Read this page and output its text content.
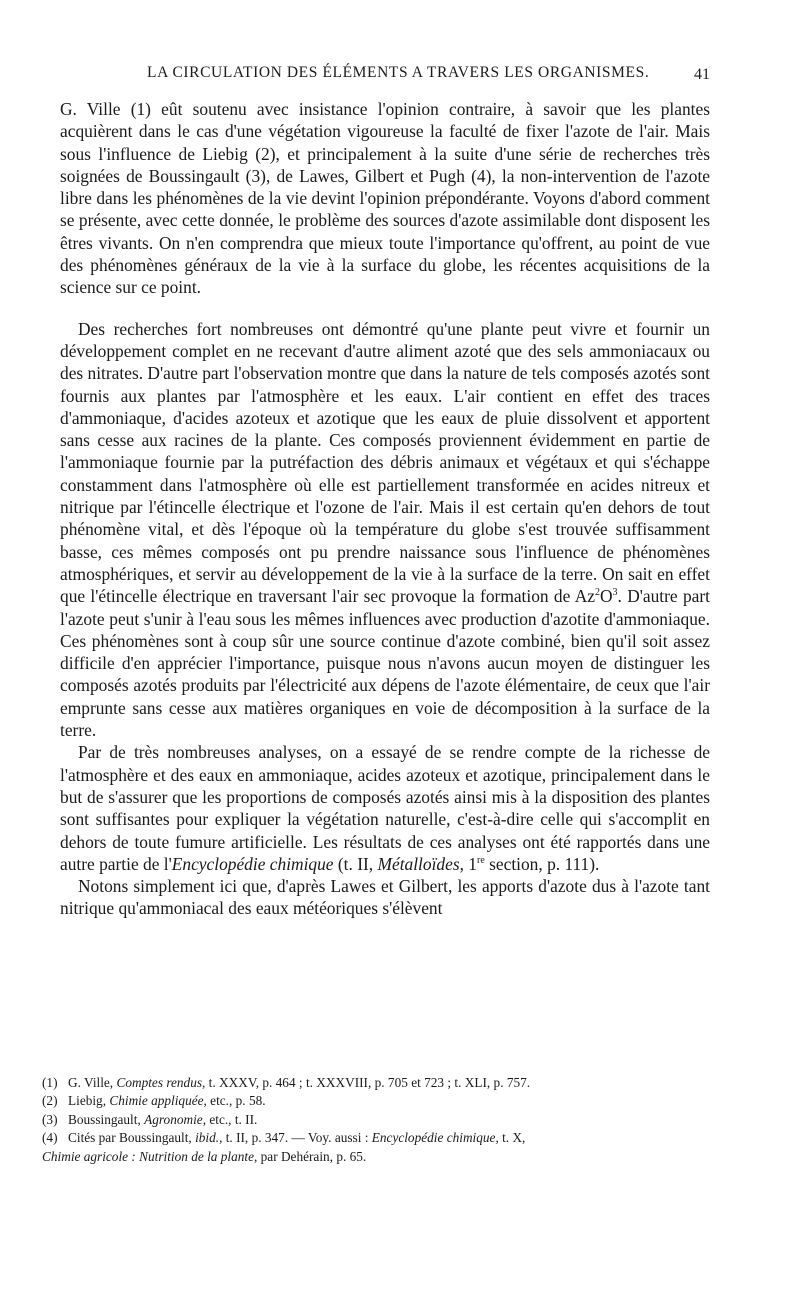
LA CIRCULATION DES ÉLÉMENTS A TRAVERS LES ORGANISMES.	41

G. Ville (1) eût soutenu avec insistance l'opinion contraire, à savoir que les plantes acquièrent dans le cas d'une végétation vigoureuse la faculté de fixer l'azote de l'air. Mais sous l'influence de Liebig (2), et principalement à la suite d'une série de recherches très soignées de Boussingault (3), de Lawes, Gilbert et Pugh (4), la non-intervention de l'azote libre dans les phénomènes de la vie devint l'opinion prépondérante. Voyons d'abord comment se présente, avec cette donnée, le problème des sources d'azote assimilable dont disposent les êtres vivants. On n'en comprendra que mieux toute l'importance qu'offrent, au point de vue des phénomènes généraux de la vie à la surface du globe, les récentes acquisitions de la science sur ce point.

Des recherches fort nombreuses ont démontré qu'une plante peut vivre et fournir un développement complet en ne recevant d'autre aliment azoté que des sels ammoniacaux ou des nitrates. D'autre part l'observation montre que dans la nature de tels composés azotés sont fournis aux plantes par l'atmosphère et les eaux. L'air contient en effet des traces d'ammoniaque, d'acides azoteux et azotique que les eaux de pluie dissolvent et apportent sans cesse aux racines de la plante. Ces composés proviennent évidemment en partie de l'ammoniaque fournie par la putréfaction des débris animaux et végétaux et qui s'échappe constamment dans l'atmosphère où elle est partiellement transformée en acides nitreux et nitrique par l'étincelle électrique et l'ozone de l'air. Mais il est certain qu'en dehors de tout phénomène vital, et dès l'époque où la température du globe s'est trouvée suffisamment basse, ces mêmes composés ont pu prendre naissance sous l'influence de phénomènes atmosphériques, et servir au développement de la vie à la surface de la terre. On sait en effet que l'étincelle électrique en traversant l'air sec provoque la formation de $Az^2O^3$. D'autre part l'azote peut s'unir à l'eau sous les mêmes influences avec production d'azotite d'ammoniaque. Ces phénomènes sont à coup sûr une source continue d'azote combiné, bien qu'il soit assez difficile d'en apprécier l'importance, puisque nous n'avons aucun moyen de distinguer les composés azotés produits par l'électricité aux dépens de l'azote élémentaire, de ceux que l'air emprunte sans cesse aux matières organiques en voie de décomposition à la surface de la terre.

Par de très nombreuses analyses, on a essayé de se rendre compte de la richesse de l'atmosphère et des eaux en ammoniaque, acides azoteux et azotique, principalement dans le but de s'assurer que les proportions de composés azotés ainsi mis à la disposition des plantes sont suffisantes pour expliquer la végétation naturelle, c'est-à-dire celle qui s'accomplit en dehors de toute fumure artificielle. Les résultats de ces analyses ont été rapportés dans une autre partie de l'Encyclopédie chimique (t. II, Métalloïdes, 1re section, p. 111).

Notons simplement ici que, d'après Lawes et Gilbert, les apports d'azote dus à l'azote tant nitrique qu'ammoniacal des eaux météoriques s'élèvent

(1) G. Ville, Comptes rendus, t. XXXV, p. 464 ; t. XXXVIII, p. 705 et 723 ; t. XLI, p. 757.
(2) Liebig, Chimie appliquée, etc., p. 58.
(3) Boussingault, Agronomie, etc., t. II.
(4) Cités par Boussingault, ibid., t. II, p. 347. — Voy. aussi : Encyclopédie chimique, t. X,
Chimie agricole : Nutrition de la plante, par Dehérain, p. 65.
